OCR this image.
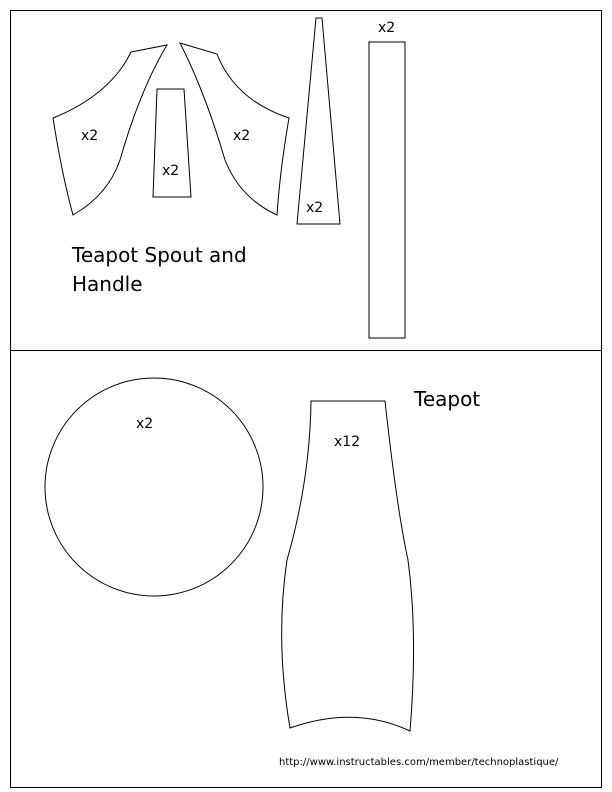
x2
x2
x2
x2
x2
Teapot Spout and
Handle
x2
x12
Teapot
http://www.instructables.com/member/technoplastique/
